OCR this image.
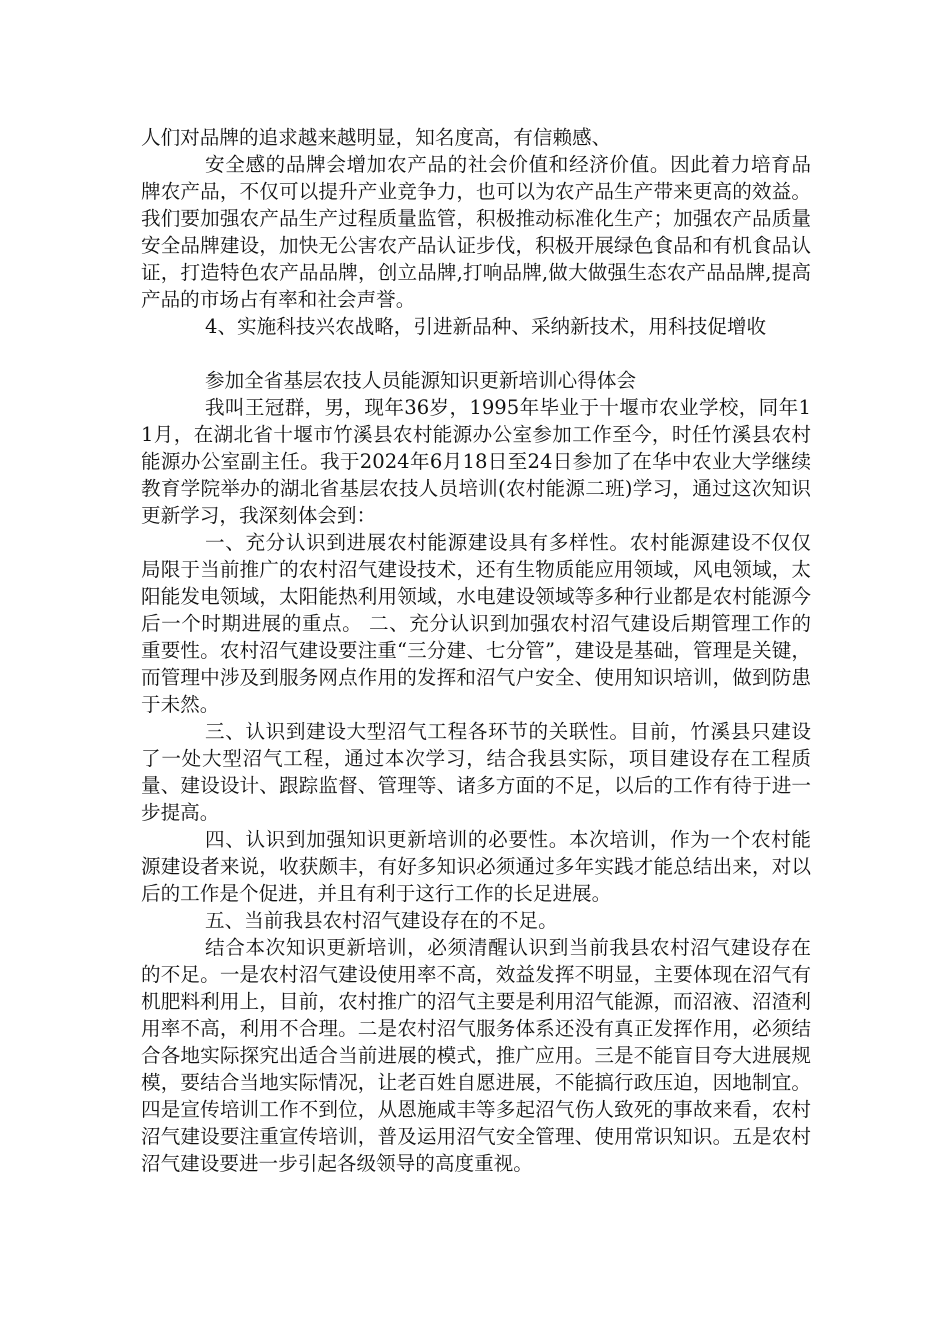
人们对品牌的追求越来越明显，知名度高，有信赖感、

安全感的品牌会增加农产品的社会价值和经济价值。因此着力培育品牌农产品，不仅可以提升产业竞争力，也可以为农产品生产带来更高的效益。我们要加强农产品生产过程质量监管，积极推动标准化生产；加强农产品质量安全品牌建设，加快无公害农产品认证步伐，积极开展绿色食品和有机食品认证，打造特色农产品品牌，创立品牌,打响品牌,做大做强生态农产品品牌,提高产品的市场占有率和社会声誉。

4、实施科技兴农战略，引进新品种、采纳新技术，用科技促增收

参加全省基层农技人员能源知识更新培训心得体会

我叫王冠群，男，现年36岁，1995年毕业于十堰市农业学校，同年11月，在湖北省十堰市竹溪县农村能源办公室参加工作至今，时任竹溪县农村能源办公室副主任。我于2024年6月18日至24日参加了在华中农业大学继续教育学院举办的湖北省基层农技人员培训(农村能源二班)学习，通过这次知识更新学习，我深刻体会到：

一、充分认识到进展农村能源建设具有多样性。农村能源建设不仅仅局限于当前推广的农村沼气建设技术，还有生物质能应用领域，风电领域，太阳能发电领域，太阳能热利用领域，水电建设领域等多种行业都是农村能源今后一个时期进展的重点。 二、充分认识到加强农村沼气建设后期管理工作的重要性。农村沼气建设要注重“三分建、七分管”，建设是基础，管理是关键，而管理中涉及到服务网点作用的发挥和沼气户安全、使用知识培训，做到防患于未然。

三、认识到建设大型沼气工程各环节的关联性。目前，竹溪县只建设了一处大型沼气工程，通过本次学习，结合我县实际，项目建设存在工程质量、建设设计、跟踪监督、管理等、诸多方面的不足，以后的工作有待于进一步提高。

四、认识到加强知识更新培训的必要性。本次培训，作为一个农村能源建设者来说，收获颇丰，有好多知识必须通过多年实践才能总结出来，对以后的工作是个促进，并且有利于这行工作的长足进展。

五、当前我县农村沼气建设存在的不足。

结合本次知识更新培训，必须清醒认识到当前我县农村沼气建设存在的不足。一是农村沼气建设使用率不高，效益发挥不明显，主要体现在沼气有机肥料利用上，目前，农村推广的沼气主要是利用沼气能源，而沼液、沼渣利用率不高，利用不合理。二是农村沼气服务体系还没有真正发挥作用，必须结合各地实际探究出适合当前进展的模式，推广应用。三是不能盲目夸大进展规模，要结合当地实际情况，让老百姓自愿进展，不能搞行政压迫，因地制宜。四是宣传培训工作不到位，从恩施咸丰等多起沼气伤人致死的事故来看，农村沼气建设要注重宣传培训，普及运用沼气安全管理、使用常识知识。五是农村沼气建设要进一步引起各级领导的高度重视。
